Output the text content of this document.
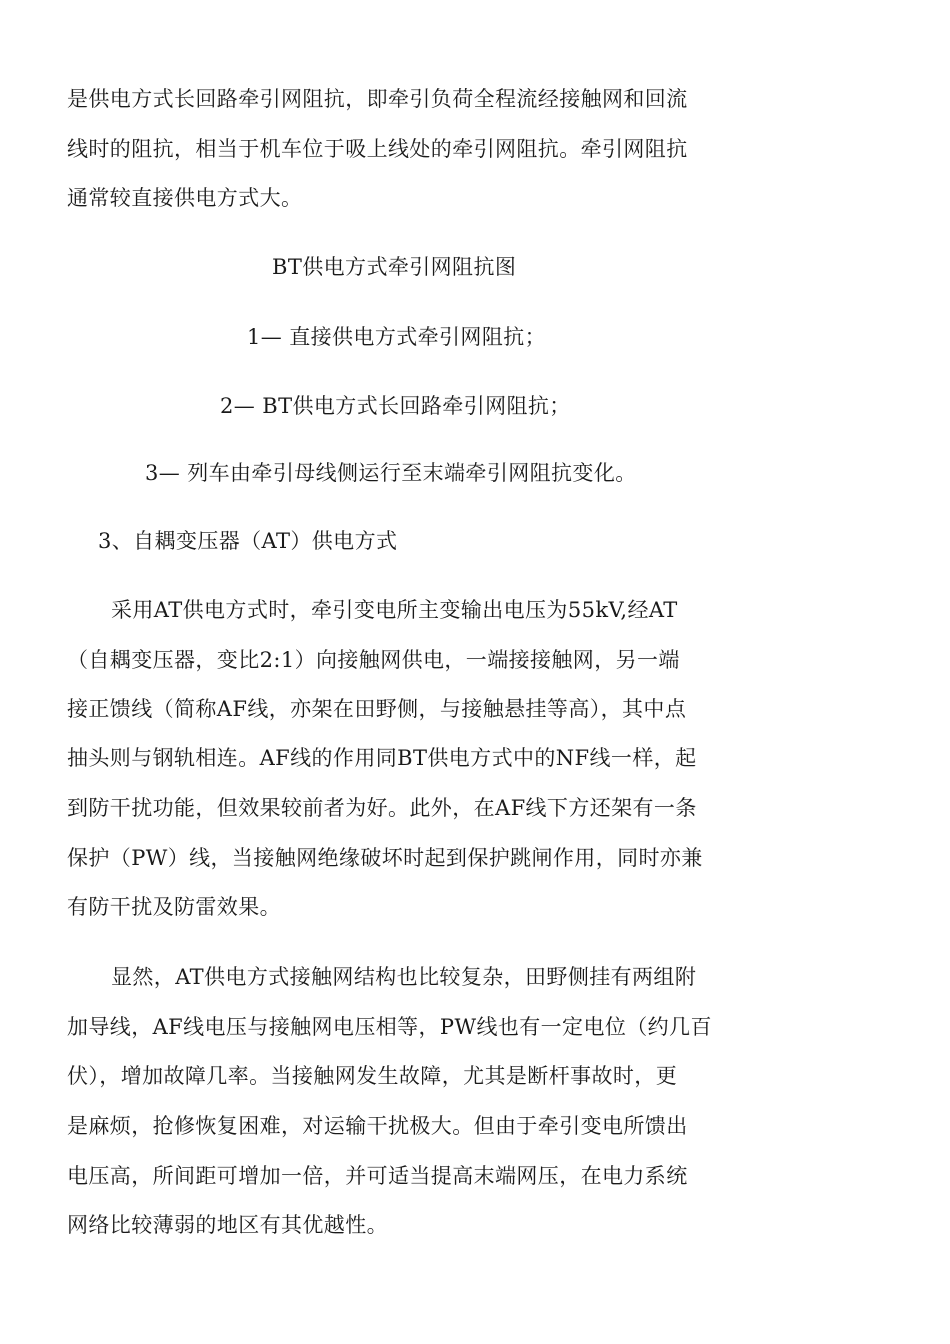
是供电方式长回路牵引网阻抗，即牵引负荷全程流经接触网和回流
线时的阻抗，相当于机车位于吸上线处的牵引网阻抗。牵引网阻抗
通常较直接供电方式大。
BT供电方式牵引网阻抗图
1— 直接供电方式牵引网阻抗；
2— BT供电方式长回路牵引网阻抗；
3— 列车由牵引母线侧运行至末端牵引网阻抗变化。
3、自耦变压器（AT）供电方式
采用AT供电方式时，牵引变电所主变输出电压为55kV,经AT
（自耦变压器，变比2:1）向接触网供电，一端接接触网，另一端
接正馈线（简称AF线，亦架在田野侧，与接触悬挂等高），其中点
抽头则与钢轨相连。AF线的作用同BT供电方式中的NF线一样，起
到防干扰功能，但效果较前者为好。此外，在AF线下方还架有一条
保护（PW）线，当接触网绝缘破坏时起到保护跳闸作用，同时亦兼
有防干扰及防雷效果。
显然，AT供电方式接触网结构也比较复杂，田野侧挂有两组附
加导线，AF线电压与接触网电压相等，PW线也有一定电位（约几百
伏），增加故障几率。当接触网发生故障，尤其是断杆事故时，更
是麻烦，抢修恢复困难，对运输干扰极大。但由于牵引变电所馈出
电压高，所间距可增加一倍，并可适当提高末端网压，在电力系统
网络比较薄弱的地区有其优越性。
